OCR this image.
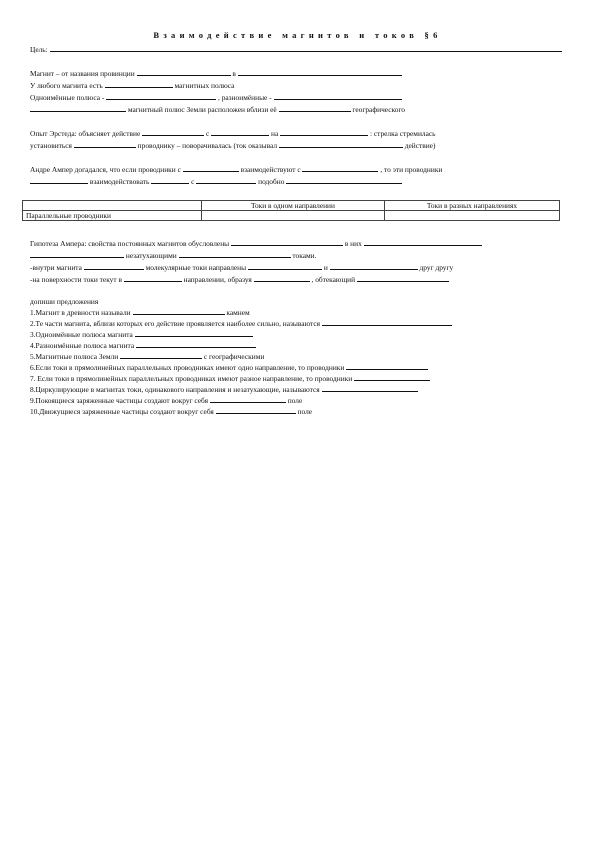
Взаимодействие магнитов и токов §6
Цель:
Магнит – от названия провинции	в
У любого магнита есть	магнитных полюса
Одноимённые полюса -	, разноимённые -
магнитный полюс Земли расположен вблизи её	географического
Опыт Эрстеда: объясняет действие	с	на	: стрелка стремилась
установиться	проводнику – поворачивалась (ток оказывал	действие)
Андре Ампер догадался, что если проводники с	взаимодействуют с	, то эти проводники
взаимодействовать	с	подобно
	Токи в одном направлении	Токи в разных направлениях
Параллельные проводники		
Гипотеза Ампера: свойства постоянных магнитов обусловлены	в них
незатухающими	токами.
-внутри магнита	молекулярные токи направлены	и	друг другу
-на поверхности токи текут в	направлении, образуя	, обтекающий
допиши предложения
1.Магнит в древности называли	камнем
2.Те части магнита, вблизи которых его действие проявляется наиболее сильно, называются
3.Одноимённые полюса магнита
4.Разноимённые полюса магнита
5.Магнитные полюса Земли	с географическими
6.Если токи в прямолинейных параллельных проводниках имеют одно направление, то проводники
7. Если токи в прямолинейных параллельных проводниках имеют разное направление, то проводники
8.Циркулирующие в магнитах токи, одинакового направления и незатухающие, называются
9.Покоящиеся заряженные частицы создают вокруг себя	поле
10.Движущиеся заряженные частицы создают вокруг себя	поле
